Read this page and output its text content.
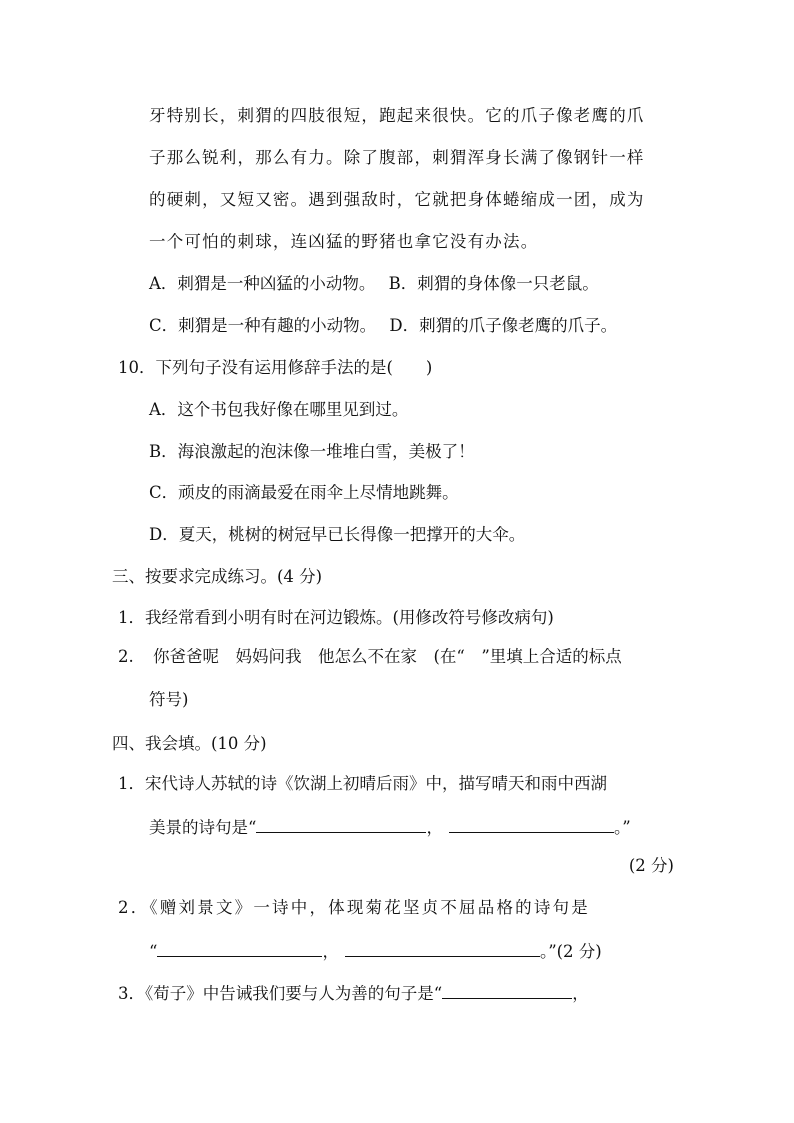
牙特别长，刺猬的四肢很短，跑起来很快。它的爪子像老鹰的爪
子那么锐利，那么有力。除了腹部，刺猬浑身长满了像钢针一样
的硬刺，又短又密。遇到强敌时，它就把身体蜷缩成一团，成为
一个可怕的刺球，连凶猛的野猪也拿它没有办法。
A．刺猬是一种凶猛的小动物。 B．刺猬的身体像一只老鼠。
C．刺猬是一种有趣的小动物。 D．刺猬的爪子像老鹰的爪子。
10．下列句子没有运用修辞手法的是(　　)
A．这个书包我好像在哪里见到过。
B．海浪激起的泡沫像一堆堆白雪，美极了！
C．顽皮的雨滴最爱在雨伞上尽情地跳舞。
D．夏天，桃树的树冠早已长得像一把撑开的大伞。
三、按要求完成练习。(4 分)
1．我经常看到小明有时在河边锻炼。(用修改符号修改病句)
2. 你爸爸呢　妈妈问我　他怎么不在家　(在“　”里填上合适的标点
符号)
四、我会填。(10 分)
1．宋代诗人苏轼的诗《饮湖上初晴后雨》中，描写晴天和雨中西湖
美景的诗句是“	，	。”
(2 分)
2．《赠刘景文》一诗中，体现菊花坚贞不屈品格的诗句是
“	，	。”(2 分)
3．《荀子》中告诫我们要与人为善的句子是“	，
